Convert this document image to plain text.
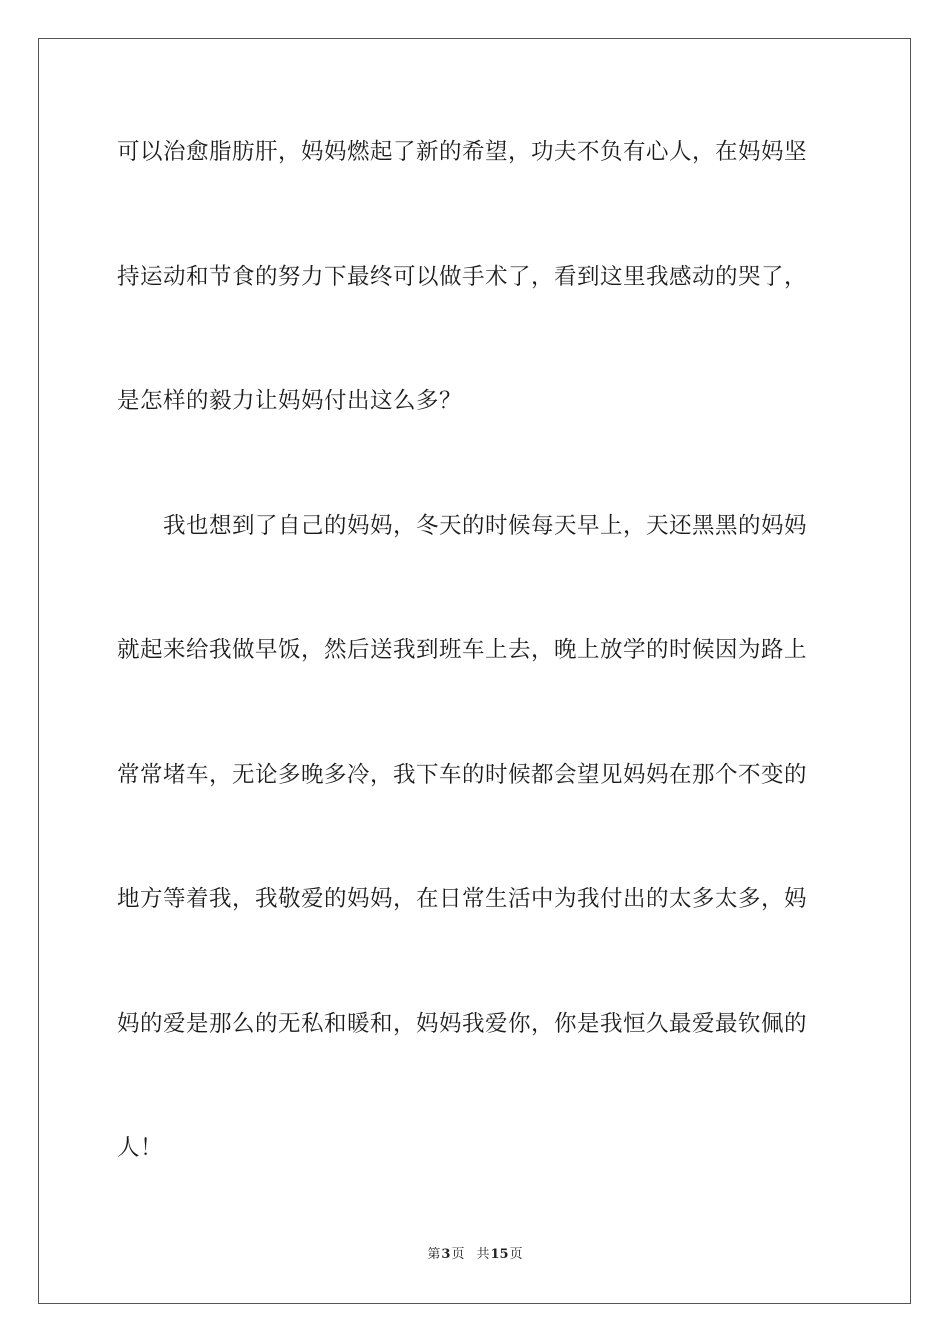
可以治愈脂肪肝，妈妈燃起了新的希望，功夫不负有心人，在妈妈坚
持运动和节食的努力下最终可以做手术了，看到这里我感动的哭了，
是怎样的毅力让妈妈付出这么多？
我也想到了自己的妈妈，冬天的时候每天早上，天还黑黑的妈妈
就起来给我做早饭，然后送我到班车上去，晚上放学的时候因为路上
常常堵车，无论多晚多冷，我下车的时候都会望见妈妈在那个不变的
地方等着我，我敬爱的妈妈，在日常生活中为我付出的太多太多，妈
妈的爱是那么的无私和暖和，妈妈我爱你，你是我恒久最爱最钦佩的
人！
第3页 共15页
